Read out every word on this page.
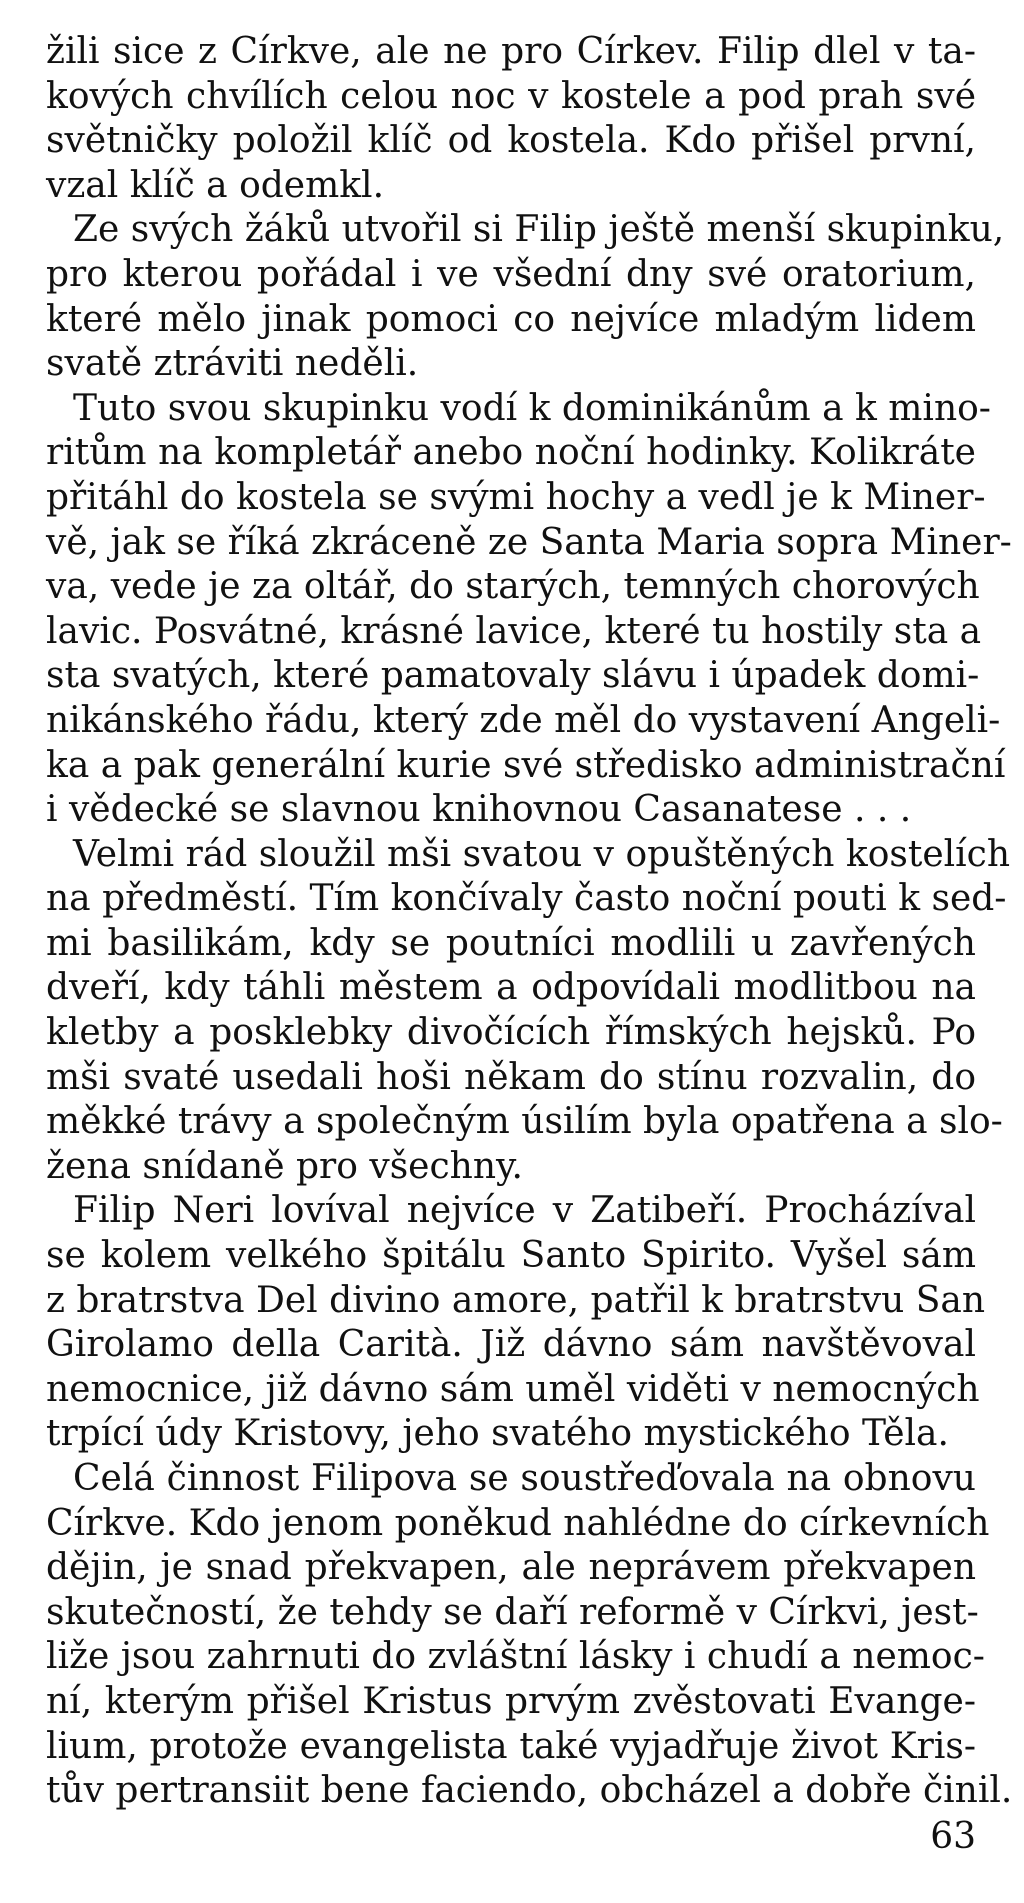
žili sice z Církve, ale ne pro Církev. Filip dlel v ta-
kových chvílích celou noc v kostele a pod prah své
světničky položil klíč od kostela. Kdo přišel první,
vzal klíč a odemkl.
Ze svých žáků utvořil si Filip ještě menší skupinku,
pro kterou pořádal i ve všední dny své oratorium,
které mělo jinak pomoci co nejvíce mladým lidem
svatě ztráviti neděli.
Tuto svou skupinku vodí k dominikánům a k mino-
ritům na kompletář anebo noční hodinky. Kolikráte
přitáhl do kostela se svými hochy a vedl je k Miner-
vě, jak se říká zkráceně ze Santa Maria sopra Miner-
va, vede je za oltář, do starých, temných chorových
lavic. Posvátné, krásné lavice, které tu hostily sta a
sta svatých, které pamatovaly slávu i úpadek domi-
nikánského řádu, který zde měl do vystavení Angeli-
ka a pak generální kurie své středisko administrační
i vědecké se slavnou knihovnou Casanatese . . .
Velmi rád sloužil mši svatou v opuštěných kostelích
na předměstí. Tím končívaly často noční pouti k sed-
mi basilikám, kdy se poutníci modlili u zavřených
dveří, kdy táhli městem a odpovídali modlitbou na
kletby a posklebky divočících římských hejsků. Po
mši svaté usedali hoši někam do stínu rozvalin, do
měkké trávy a společným úsilím byla opatřena a slo-
žena snídaně pro všechny.
Filip Neri lovíval nejvíce v Zatibeří. Procházíval
se kolem velkého špitálu Santo Spirito. Vyšel sám
z bratrstva Del divino amore, patřil k bratrstvu San
Girolamo della Carità. Již dávno sám navštěvoval
nemocnice, již dávno sám uměl viděti v nemocných
trpící údy Kristovy, jeho svatého mystického Těla.
Celá činnost Filipova se soustřeďovala na obnovu
Církve. Kdo jenom poněkud nahlédne do církevních
dějin, je snad překvapen, ale neprávem překvapen
skutečností, že tehdy se daří reformě v Církvi, jest-
liže jsou zahrnuti do zvláštní lásky i chudí a nemoc-
ní, kterým přišel Kristus prvým zvěstovati Evange-
lium, protože evangelista také vyjadřuje život Kris-
tův pertransiit bene faciendo, obcházel a dobře činil.
63
